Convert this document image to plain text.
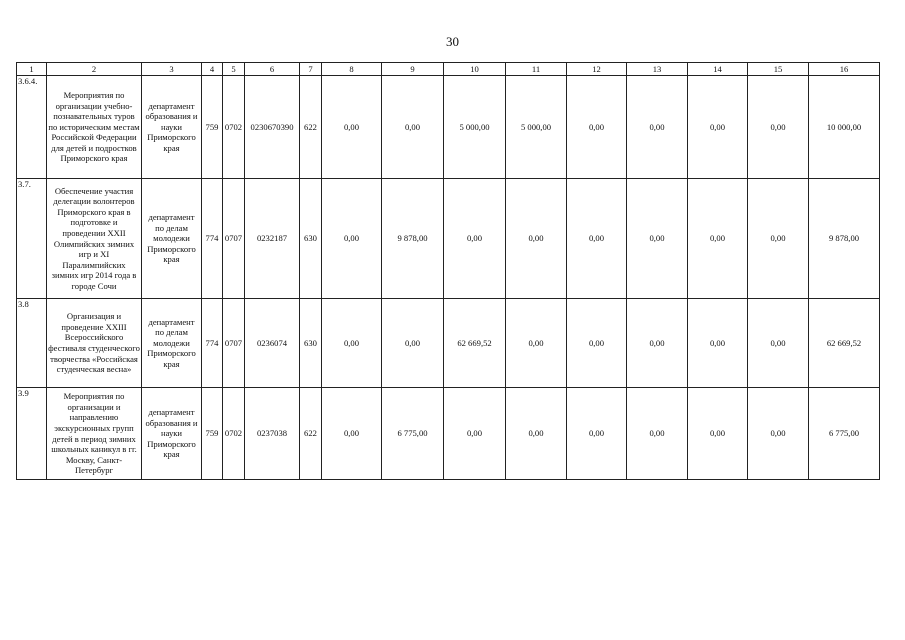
30
1	2	3	4	5	6	7	8	9	10	11	12	13	14	15	16
3.6.4.	Мероприятия по организации учебно-познавательных туров по историческим местам Российской Федерации для детей и подростков Приморского края	департамент образования и науки Приморского края	759	0702	0230670390	622	0,00	0,00	5 000,00	5 000,00	0,00	0,00	0,00	0,00	10 000,00
3.7.	Обеспечение участия делегации волонтеров Приморского края в подготовке и проведении XXII Олимпийских зимних игр и XI Паралимпийских зимних игр 2014 года в городе Сочи	департамент по делам молодежи Приморского края	774	0707	0232187	630	0,00	9 878,00	0,00	0,00	0,00	0,00	0,00	0,00	9 878,00
3.8	Организация и проведение XXIII Всероссийского фестиваля студенческого творчества «Российская студенческая весна»	департамент по делам молодежи Приморского края	774	0707	0236074	630	0,00	0,00	62 669,52	0,00	0,00	0,00	0,00	0,00	62 669,52
3.9	Мероприятия по организации и направлению экскурсионных групп детей в период зимних школьных каникул в гг. Москву, Санкт-Петербург	департамент образования и науки Приморского края	759	0702	0237038	622	0,00	6 775,00	0,00	0,00	0,00	0,00	0,00	0,00	6 775,00
